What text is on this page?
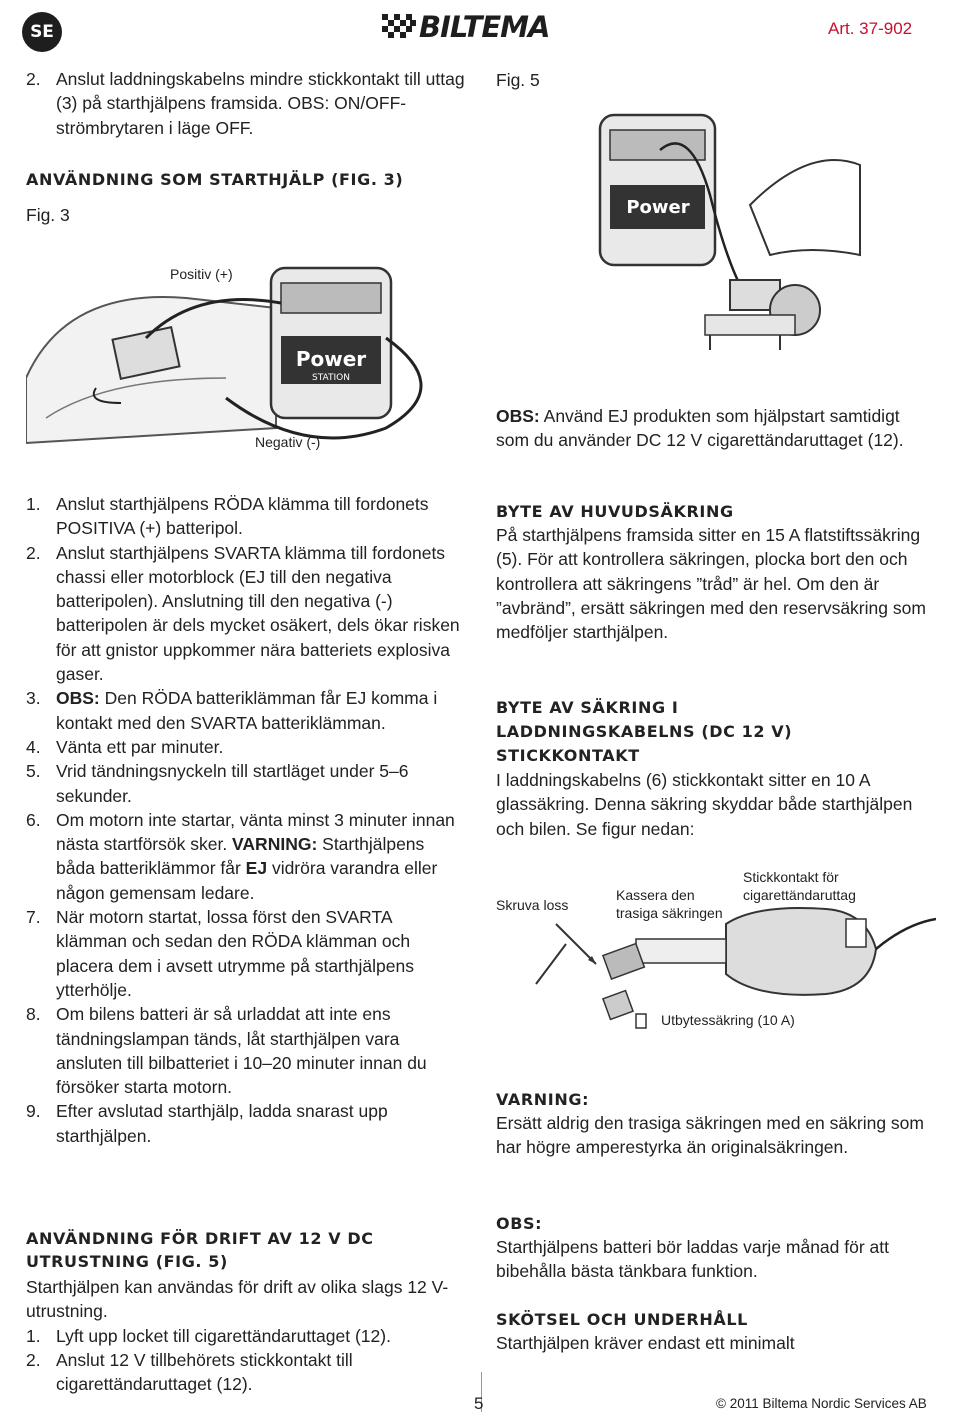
SE	BILTEMA	Art. 37-902
2. Anslut laddningskabelns mindre stickkontakt till uttag (3) på starthjälpens framsida. OBS: ON/OFF-strömbrytaren i läge OFF.
ANVÄNDNING SOM STARTHJÄLP (FIG. 3)
Fig. 3
Power
STATION
Positiv (+)
Negativ (-)
1. Anslut starthjälpens RÖDA klämma till fordonets POSITIVA (+) batteripol.
2. Anslut starthjälpens SVARTA klämma till fordonets chassi eller motorblock (EJ till den negativa batteripolen). Anslutning till den negativa (-) batteripolen är dels mycket osäkert, dels ökar risken för att gnistor uppkommer nära batteriets explosiva gaser.
3. OBS: Den RÖDA batteriklämman får EJ komma i kontakt med den SVARTA batteriklämman.
4. Vänta ett par minuter.
5. Vrid tändningsnyckeln till startläget under 5–6 sekunder.
6. Om motorn inte startar, vänta minst 3 minuter innan nästa startförsök sker. VARNING: Starthjälpens båda batteriklämmor får EJ vidröra varandra eller någon gemensam ledare.
7. När motorn startat, lossa först den SVARTA klämman och sedan den RÖDA klämman och placera dem i avsett utrymme på starthjälpens ytterhölje.
8. Om bilens batteri är så urladdat att inte ens tändningslampan tänds, låt starthjälpen vara ansluten till bilbatteriet i 10–20 minuter innan du försöker starta motorn.
9. Efter avslutad starthjälp, ladda snarast upp starthjälpen.
ANVÄNDNING FÖR DRIFT AV 12 V DC UTRUSTNING (FIG. 5)
Starthjälpen kan användas för drift av olika slags 12 V-utrustning.
1. Lyft upp locket till cigarettändaruttaget (12).
2. Anslut 12 V tillbehörets stickkontakt till cigarettändaruttaget (12).
Fig. 5
Power
OBS: Använd EJ produkten som hjälpstart samtidigt som du använder DC 12 V cigarettändaruttaget (12).
BYTE AV HUVUDSÄKRING
På starthjälpens framsida sitter en 15 A flatstiftssäkring (5). För att kontrollera säkringen, plocka bort den och kontrollera att säkringens ”tråd” är hel. Om den är ”avbränd”, ersätt säkringen med den reservsäkring som medföljer starthjälpen.
BYTE AV SÄKRING I LADDNINGSKABELNS (DC 12 V) STICKKONTAKT
I laddningskabelns (6) stickkontakt sitter en 10 A glassäkring. Denna säkring skyddar både starthjälpen och bilen. Se figur nedan:
Skruva loss
Kassera den trasiga säkringen
Stickkontakt för cigarettändaruttag
Utbytessäkring (10 A)
VARNING:
Ersätt aldrig den trasiga säkringen med en säkring som har högre amperestyrka än originalsäkringen.
OBS:
Starthjälpens batteri bör laddas varje månad för att bibehålla bästa tänkbara funktion.
SKÖTSEL OCH UNDERHÅLL
Starthjälpen kräver endast ett minimalt
5	© 2011 Biltema Nordic Services AB
